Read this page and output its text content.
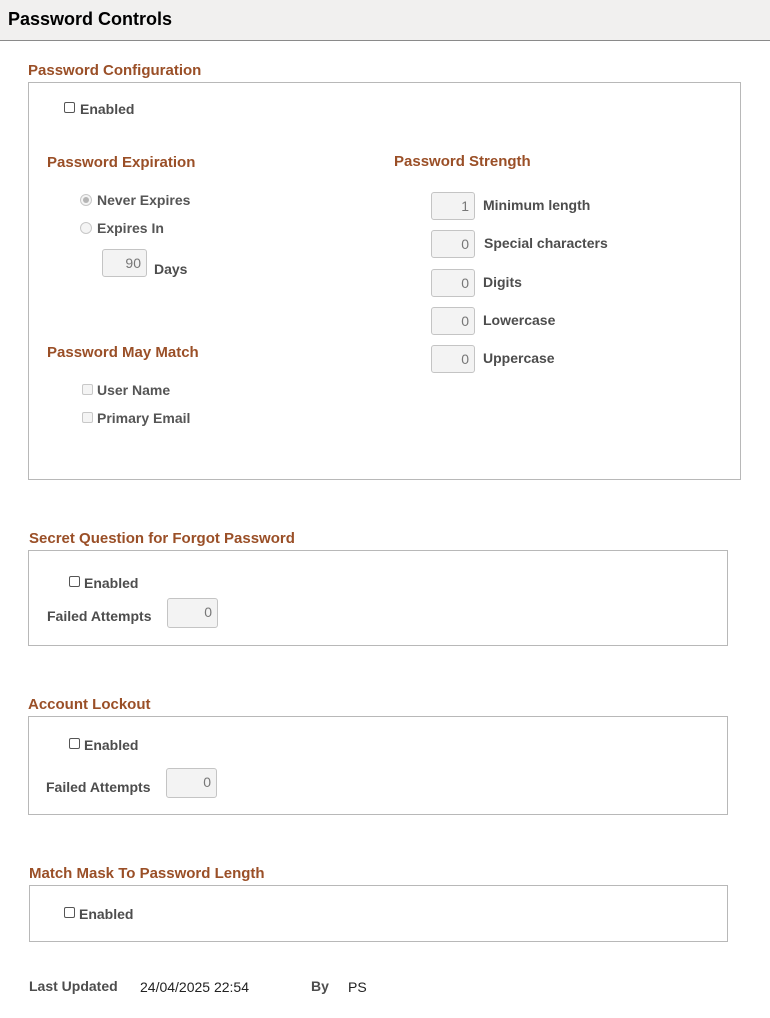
Password Controls
Password Configuration
Enabled
Password Expiration
Never Expires
Expires In
90 Days
Password May Match
User Name
Primary Email
Password Strength
1	Minimum length
0	Special characters
0	Digits
0	Lowercase
0	Uppercase
Secret Question for Forgot Password
Enabled
Failed Attempts	0
Account Lockout
Enabled
Failed Attempts	0
Match Mask To Password Length
Enabled
Last Updated 24/04/2025 22:54	By PS
